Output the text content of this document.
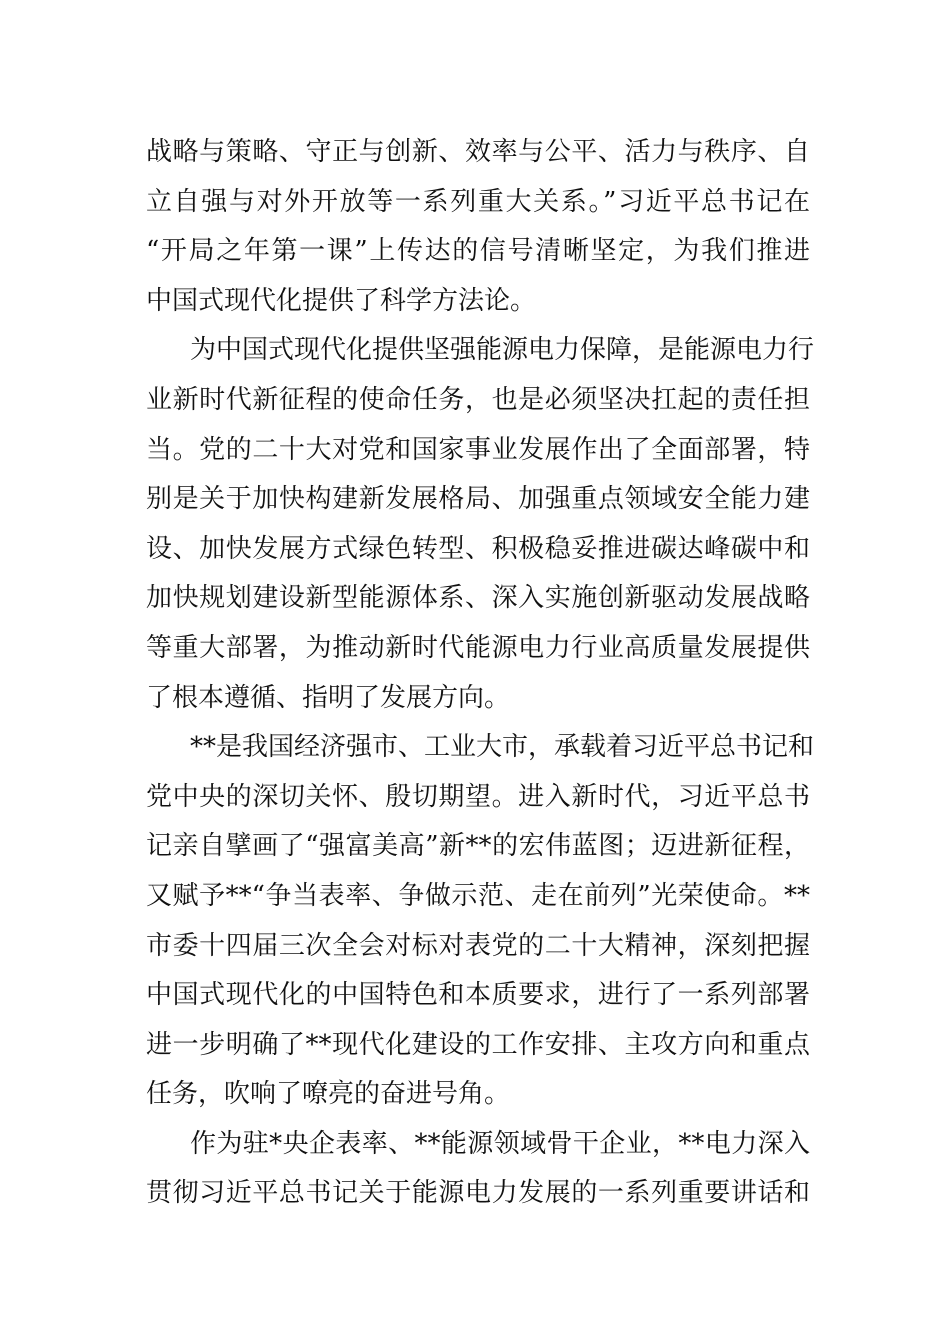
战略与策略、守正与创新、效率与公平、活力与秩序、自
立自强与对外开放等一系列重大关系。”习近平总书记在
“开局之年第一课”上传达的信号清晰坚定，为我们推进
中国式现代化提供了科学方法论。
为中国式现代化提供坚强能源电力保障，是能源电力行
业新时代新征程的使命任务，也是必须坚决扛起的责任担
当。党的二十大对党和国家事业发展作出了全面部署，特
别是关于加快构建新发展格局、加强重点领域安全能力建
设、加快发展方式绿色转型、积极稳妥推进碳达峰碳中和
加快规划建设新型能源体系、深入实施创新驱动发展战略
等重大部署，为推动新时代能源电力行业高质量发展提供
了根本遵循、指明了发展方向。
**是我国经济强市、工业大市，承载着习近平总书记和
党中央的深切关怀、殷切期望。进入新时代，习近平总书
记亲自擘画了“强富美高”新**的宏伟蓝图；迈进新征程，
又赋予**“争当表率、争做示范、走在前列”光荣使命。**
市委十四届三次全会对标对表党的二十大精神，深刻把握
中国式现代化的中国特色和本质要求，进行了一系列部署
进一步明确了**现代化建设的工作安排、主攻方向和重点
任务，吹响了嘹亮的奋进号角。
作为驻*央企表率、**能源领域骨干企业，**电力深入
贯彻习近平总书记关于能源电力发展的一系列重要讲话和
